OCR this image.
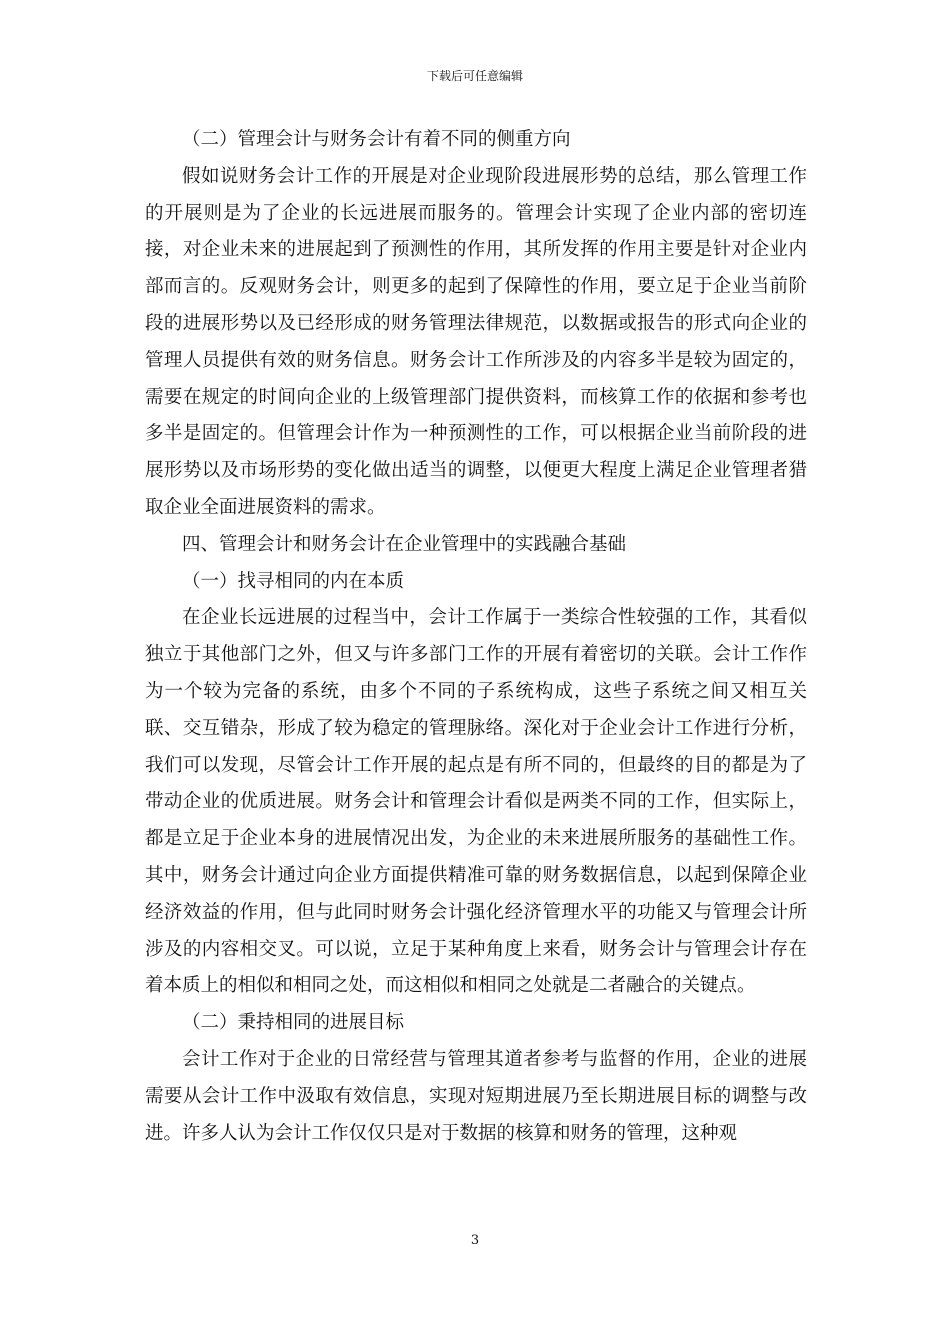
下载后可任意编辑

（二）管理会计与财务会计有着不同的侧重方向

假如说财务会计工作的开展是对企业现阶段进展形势的总结，那么管理工作的开展则是为了企业的长远进展而服务的。管理会计实现了企业内部的密切连接，对企业未来的进展起到了预测性的作用，其所发挥的作用主要是针对企业内部而言的。反观财务会计，则更多的起到了保障性的作用，要立足于企业当前阶段的进展形势以及已经形成的财务管理法律规范，以数据或报告的形式向企业的管理人员提供有效的财务信息。财务会计工作所涉及的内容多半是较为固定的，需要在规定的时间向企业的上级管理部门提供资料，而核算工作的依据和参考也多半是固定的。但管理会计作为一种预测性的工作，可以根据企业当前阶段的进展形势以及市场形势的变化做出适当的调整，以便更大程度上满足企业管理者猎取企业全面进展资料的需求。

四、管理会计和财务会计在企业管理中的实践融合基础

（一）找寻相同的内在本质

在企业长远进展的过程当中，会计工作属于一类综合性较强的工作，其看似独立于其他部门之外，但又与许多部门工作的开展有着密切的关联。会计工作作为一个较为完备的系统，由多个不同的子系统构成，这些子系统之间又相互关联、交互错杂，形成了较为稳定的管理脉络。深化对于企业会计工作进行分析，我们可以发现，尽管会计工作开展的起点是有所不同的，但最终的目的都是为了带动企业的优质进展。财务会计和管理会计看似是两类不同的工作，但实际上，都是立足于企业本身的进展情况出发，为企业的未来进展所服务的基础性工作。其中，财务会计通过向企业方面提供精准可靠的财务数据信息，以起到保障企业经济效益的作用，但与此同时财务会计强化经济管理水平的功能又与管理会计所涉及的内容相交叉。可以说，立足于某种角度上来看，财务会计与管理会计存在着本质上的相似和相同之处，而这相似和相同之处就是二者融合的关键点。

（二）秉持相同的进展目标

会计工作对于企业的日常经营与管理其道者参考与监督的作用，企业的进展需要从会计工作中汲取有效信息，实现对短期进展乃至长期进展目标的调整与改进。许多人认为会计工作仅仅只是对于数据的核算和财务的管理，这种观

3
